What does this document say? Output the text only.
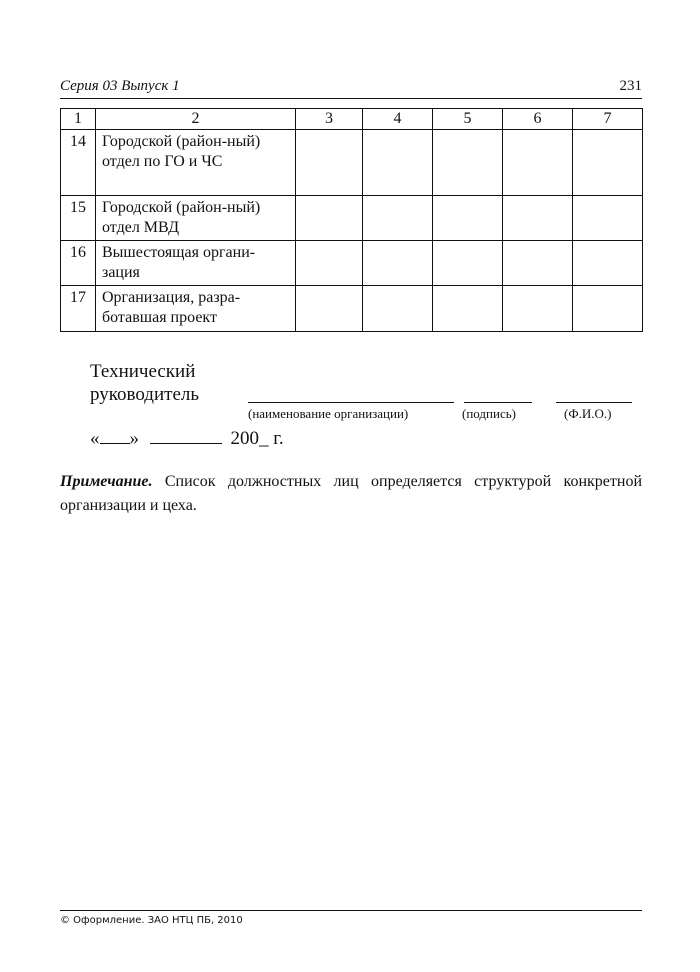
Серия 03 Выпуск 1	231
1	2	3	4	5	6	7
14	Городской (район-ный) отдел по ГО и ЧС					
15	Городской (район-ный) отдел МВД					
16	Вышестоящая органи-зация					
17	Организация, разра-ботавшая проект					
Технический
руководитель
(наименование организации)	(подпись)	(Ф.И.О.)
« »	200_ г.
Примечание. Список должностных лиц определяется структурой конкретной организации и цеха.
© Оформление. ЗАО НТЦ ПБ, 2010
